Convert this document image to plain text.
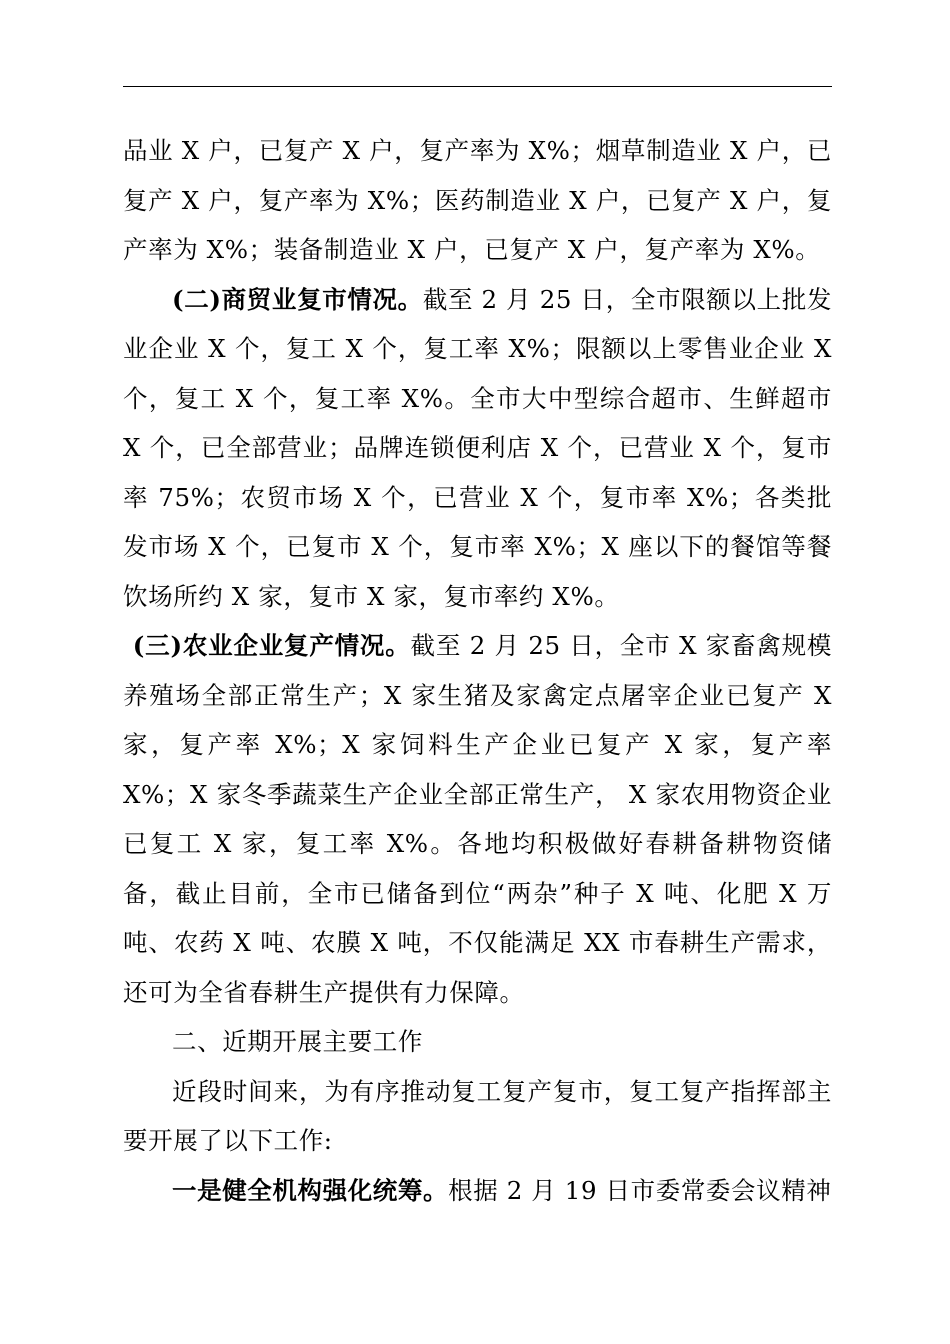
品业 X 户，已复产 X 户，复产率为 X%；烟草制造业 X 户，已复产 X 户，复产率为 X%；医药制造业 X 户，已复产 X 户，复产率为 X%；装备制造业 X 户，已复产 X 户，复产率为 X%。

(二)商贸业复市情况。截至 2 月 25 日，全市限额以上批发业企业 X 个，复工 X 个，复工率 X%；限额以上零售业企业 X 个，复工 X 个，复工率 X%。全市大中型综合超市、生鲜超市 X 个，已全部营业；品牌连锁便利店 X 个，已营业 X 个，复市率 75%；农贸市场 X 个，已营业 X 个，复市率 X%；各类批发市场 X 个，已复市 X 个，复市率 X%；X 座以下的餐馆等餐饮场所约 X 家，复市 X 家，复市率约 X%。

(三)农业企业复产情况。截至 2 月 25 日，全市 X 家畜禽规模养殖场全部正常生产；X 家生猪及家禽定点屠宰企业已复产 X 家，复产率 X%；X 家饲料生产企业已复产 X 家，复产率 X%；X 家冬季蔬菜生产企业全部正常生产， X 家农用物资企业已复工 X 家，复工率 X%。各地均积极做好春耕备耕物资储备，截止目前，全市已储备到位“两杂”种子 X 吨、化肥 X 万吨、农药 X 吨、农膜 X 吨，不仅能满足 XX 市春耕生产需求，还可为全省春耕生产提供有力保障。

二、近期开展主要工作

近段时间来，为有序推动复工复产复市，复工复产指挥部主要开展了以下工作:

一是健全机构强化统筹。根据 2 月 19 日市委常委会议精神
